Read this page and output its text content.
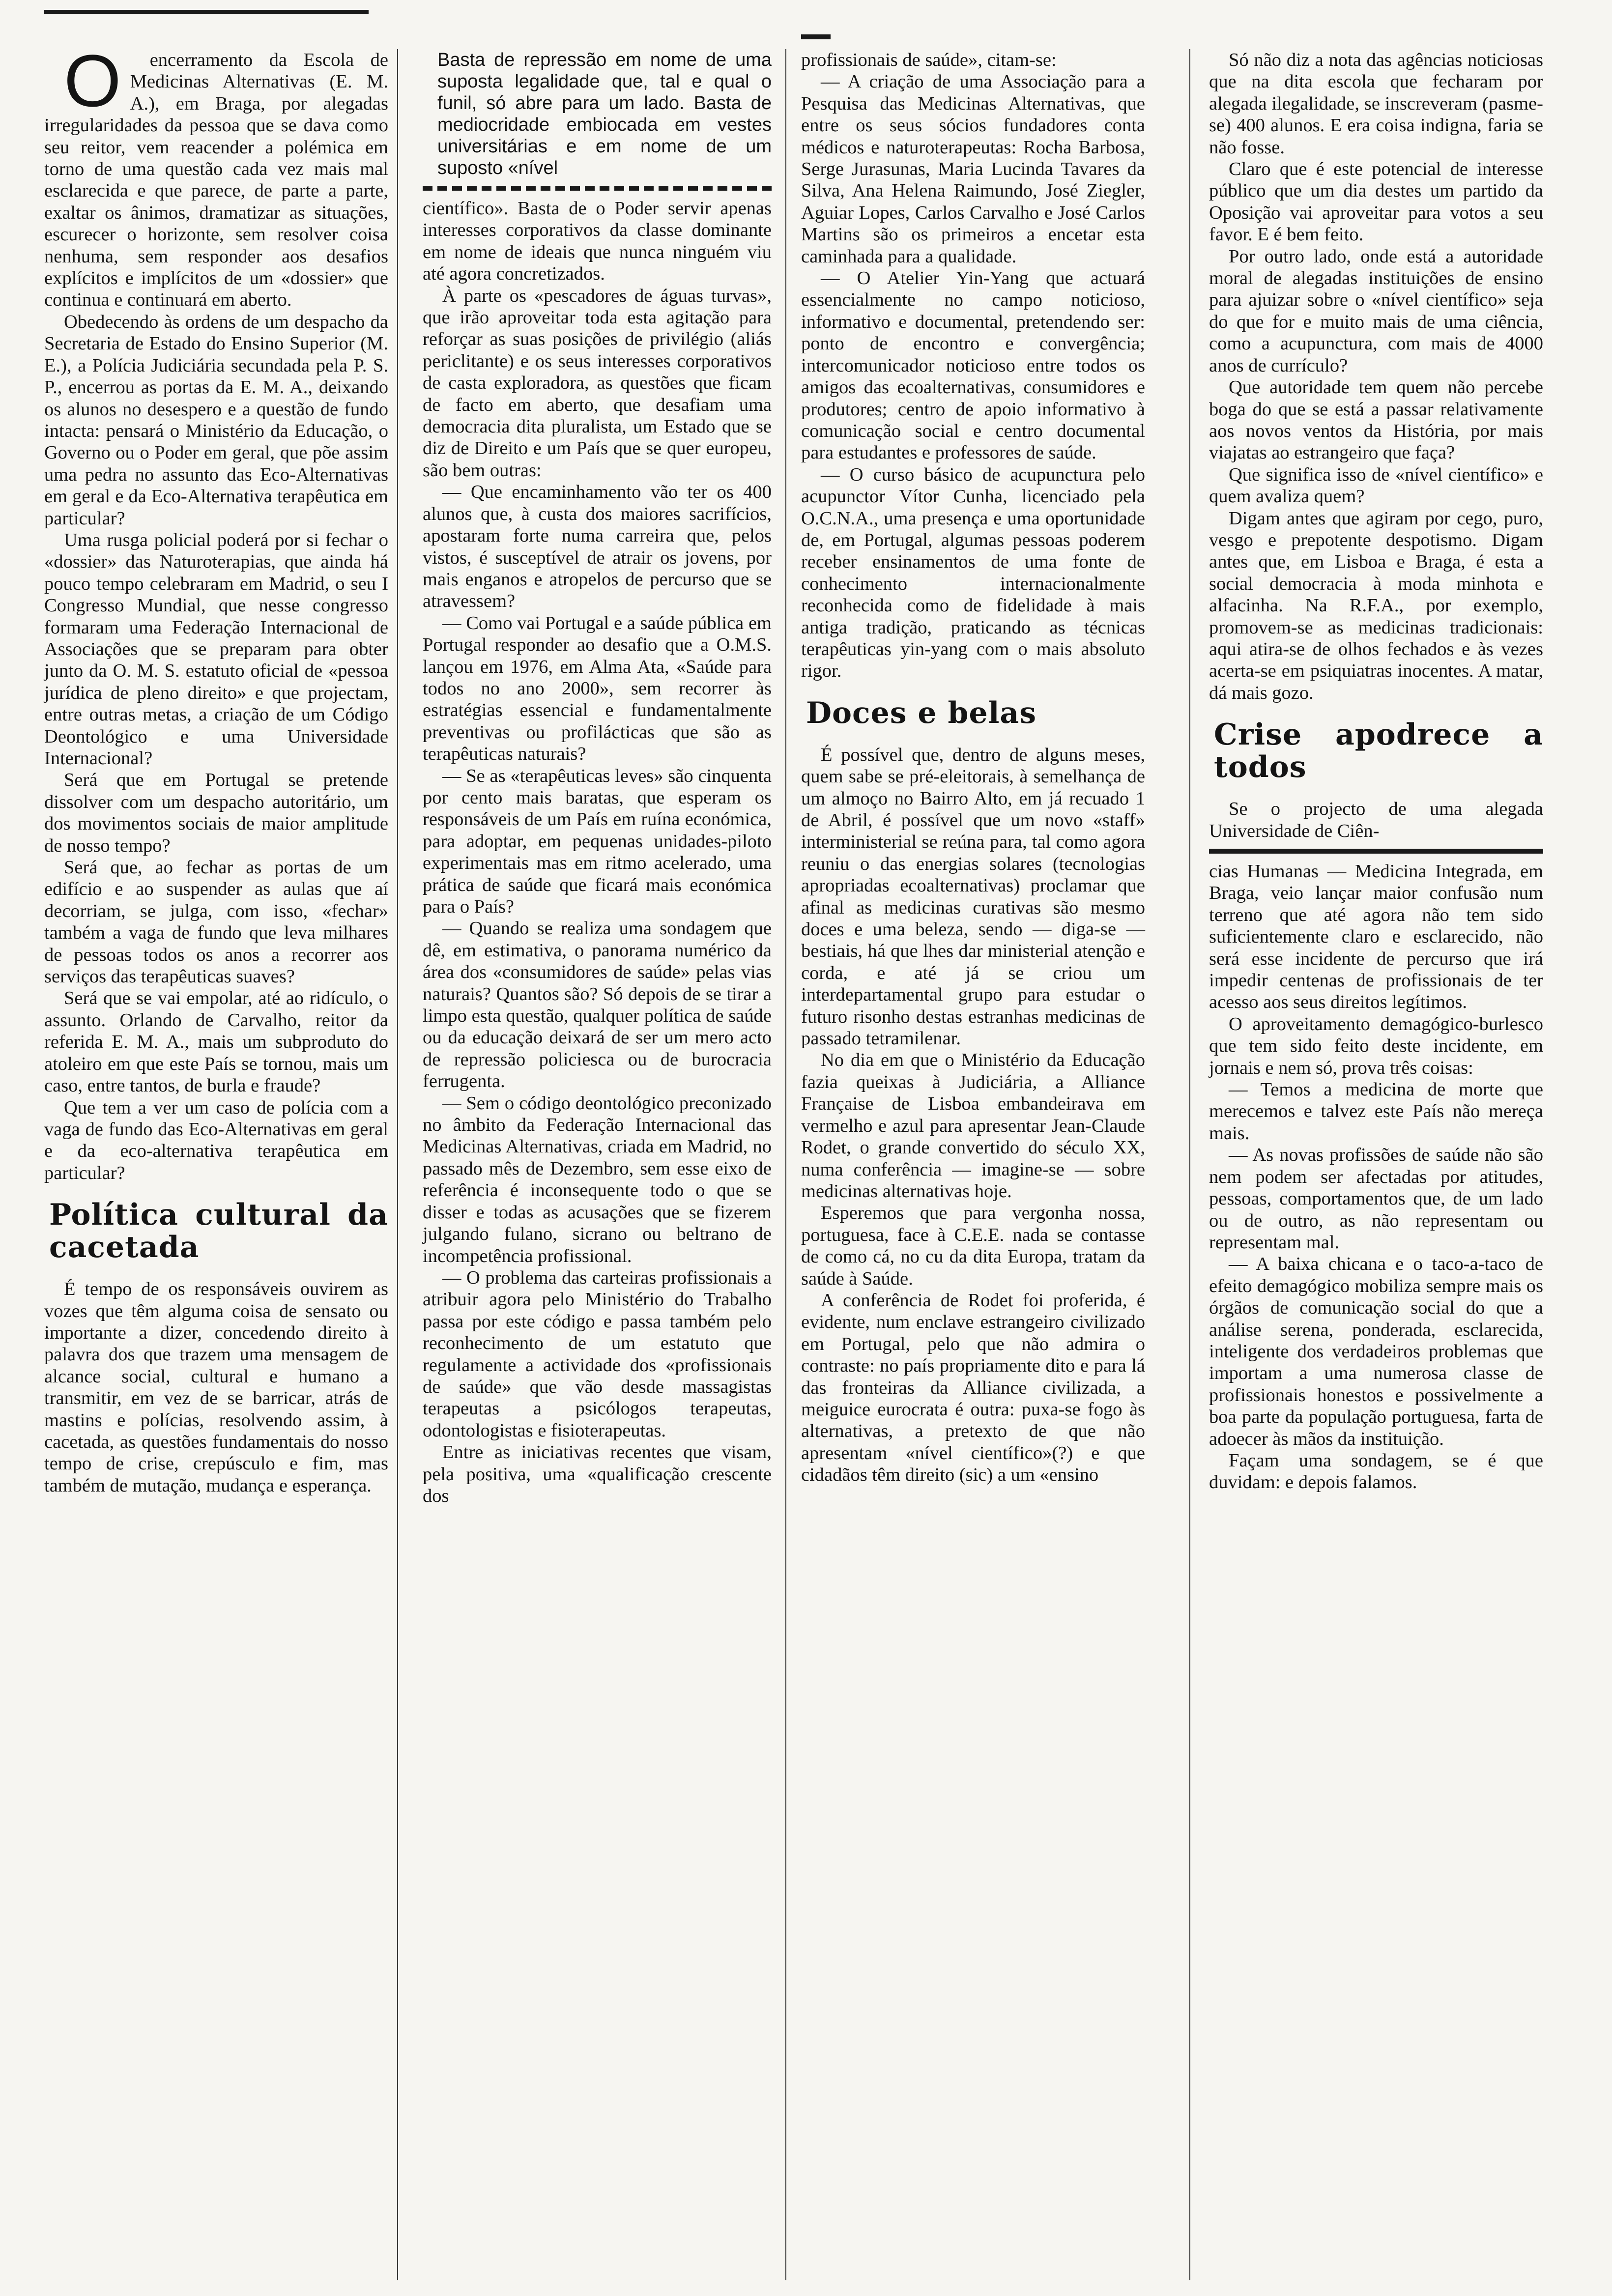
O encerramento da Escola de Medicinas Alternativas (E. M. A.), em Braga, por alegadas irregularidades da pessoa que se dava como seu reitor, vem reacender a polémica em torno de uma questão cada vez mais mal esclarecida e que parece, de parte a parte, exaltar os ânimos, dramatizar as situações, escurecer o horizonte, sem resolver coisa nenhuma, sem responder aos desafios explícitos e implícitos de um «dossier» que continua e continuará em aberto.

Obedecendo às ordens de um despacho da Secretaria de Estado do Ensino Superior (M. E.), a Polícia Judiciária secundada pela P. S. P., encerrou as portas da E. M. A., deixando os alunos no desespero e a questão de fundo intacta: pensará o Ministério da Educação, o Governo ou o Poder em geral, que põe assim uma pedra no assunto das Eco-Alternativas em geral e da Eco-Alternativa terapêutica em particular?

Uma rusga policial poderá por si fechar o «dossier» das Naturoterapias, que ainda há pouco tempo celebraram em Madrid, o seu I Congresso Mundial, que nesse congresso formaram uma Federação Internacional de Associações que se preparam para obter junto da O. M. S. estatuto oficial de «pessoa jurídica de pleno direito» e que projectam, entre outras metas, a criação de um Código Deontológico e uma Universidade Internacional?

Será que em Portugal se pretende dissolver com um despacho autoritário, um dos movimentos sociais de maior amplitude de nosso tempo?

Será que, ao fechar as portas de um edifício e ao suspender as aulas que aí decorriam, se julga, com isso, «fechar» também a vaga de fundo que leva milhares de pessoas todos os anos a recorrer aos serviços das terapêuticas suaves?

Será que se vai empolar, até ao ridículo, o assunto. Orlando de Carvalho, reitor da referida E. M. A., mais um subproduto do atoleiro em que este País se tornou, mais um caso, entre tantos, de burla e fraude?

Que tem a ver um caso de polícia com a vaga de fundo das Eco-Alternativas em geral e da eco-alternativa terapêutica em particular?

Política cultural da cacetada

É tempo de os responsáveis ouvirem as vozes que têm alguma coisa de sensato ou importante a dizer, concedendo direito à palavra dos que trazem uma mensagem de alcance social, cultural e humano a transmitir, em vez de se barricar, atrás de mastins e polícias, resolvendo assim, à cacetada, as questões fundamentais do nosso tempo de crise, crepúsculo e fim, mas também de mutação, mudança e esperança.

Basta de repressão em nome de uma suposta legalidade que, tal e qual o funil, só abre para um lado. Basta de mediocridade embiocada em vestes universitárias e em nome de um suposto «nível

científico». Basta de o Poder servir apenas interesses corporativos da classe dominante em nome de ideais que nunca ninguém viu até agora concretizados.

À parte os «pescadores de águas turvas», que irão aproveitar toda esta agitação para reforçar as suas posições de privilégio (aliás periclitante) e os seus interesses corporativos de casta exploradora, as questões que ficam de facto em aberto, que desafiam uma democracia dita pluralista, um Estado que se diz de Direito e um País que se quer europeu, são bem outras:

— Que encaminhamento vão ter os 400 alunos que, à custa dos maiores sacrifícios, apostaram forte numa carreira que, pelos vistos, é susceptível de atrair os jovens, por mais enganos e atropelos de percurso que se atravessem?

— Como vai Portugal e a saúde pública em Portugal responder ao desafio que a O.M.S. lançou em 1976, em Alma Ata, «Saúde para todos no ano 2000», sem recorrer às estratégias essencial e fundamentalmente preventivas ou profilácticas que são as terapêuticas naturais?

— Se as «terapêuticas leves» são cinquenta por cento mais baratas, que esperam os responsáveis de um País em ruína económica, para adoptar, em pequenas unidades-piloto experimentais mas em ritmo acelerado, uma prática de saúde que ficará mais económica para o País?

— Quando se realiza uma sondagem que dê, em estimativa, o panorama numérico da área dos «consumidores de saúde» pelas vias naturais? Quantos são? Só depois de se tirar a limpo esta questão, qualquer política de saúde ou da educação deixará de ser um mero acto de repressão policiesca ou de burocracia ferrugenta.

— Sem o código deontológico preconizado no âmbito da Federação Internacional das Medicinas Alternativas, criada em Madrid, no passado mês de Dezembro, sem esse eixo de referência é inconsequente todo o que se disser e todas as acusações que se fizerem julgando fulano, sicrano ou beltrano de incompetência profissional.

— O problema das carteiras profissionais a atribuir agora pelo Ministério do Trabalho passa por este código e passa também pelo reconhecimento de um estatuto que regulamente a actividade dos «profissionais de saúde» que vão desde massagistas terapeutas a psicólogos terapeutas, odontologistas e fisioterapeutas.

Entre as iniciativas recentes que visam, pela positiva, uma «qualificação crescente dos

profissionais de saúde», citam-se:

— A criação de uma Associação para a Pesquisa das Medicinas Alternativas, que entre os seus sócios fundadores conta médicos e naturoterapeutas: Rocha Barbosa, Serge Jurasunas, Maria Lucinda Tavares da Silva, Ana Helena Raimundo, José Ziegler, Aguiar Lopes, Carlos Carvalho e José Carlos Martins são os primeiros a encetar esta caminhada para a qualidade.

— O Atelier Yin-Yang que actuará essencialmente no campo noticioso, informativo e documental, pretendendo ser: ponto de encontro e convergência; intercomunicador noticioso entre todos os amigos das ecoalternativas, consumidores e produtores; centro de apoio informativo à comunicação social e centro documental para estudantes e professores de saúde.

— O curso básico de acupunctura pelo acupunctor Vítor Cunha, licenciado pela O.C.N.A., uma presença e uma oportunidade de, em Portugal, algumas pessoas poderem receber ensinamentos de uma fonte de conhecimento internacionalmente reconhecida como de fidelidade à mais antiga tradição, praticando as técnicas terapêuticas yin-yang com o mais absoluto rigor.

Doces e belas

É possível que, dentro de alguns meses, quem sabe se pré-eleitorais, à semelhança de um almoço no Bairro Alto, em já recuado 1 de Abril, é possível que um novo «staff» interministerial se reúna para, tal como agora reuniu o das energias solares (tecnologias apropriadas ecoalternativas) proclamar que afinal as medicinas curativas são mesmo doces e uma beleza, sendo — diga-se — bestiais, há que lhes dar ministerial atenção e corda, e até já se criou um interdepartamental grupo para estudar o futuro risonho destas estranhas medicinas de passado tetramilenar.

No dia em que o Ministério da Educação fazia queixas à Judiciária, a Alliance Française de Lisboa embandeirava em vermelho e azul para apresentar Jean-Claude Rodet, o grande convertido do século XX, numa conferência — imagine-se — sobre medicinas alternativas hoje.

Esperemos que para vergonha nossa, portuguesa, face à C.E.E. nada se contasse de como cá, no cu da dita Europa, tratam da saúde à Saúde.

A conferência de Rodet foi proferida, é evidente, num enclave estrangeiro civilizado em Portugal, pelo que não admira o contraste: no país propriamente dito e para lá das fronteiras da Alliance civilizada, a meiguice eurocrata é outra: puxa-se fogo às alternativas, a pretexto de que não apresentam «nível científico»(?) e que cidadãos têm direito (sic) a um «ensino

Só não diz a nota das agências noticiosas que na dita escola que fecharam por alegada ilegalidade, se inscreveram (pasme-se) 400 alunos. E era coisa indigna, faria se não fosse.

Claro que é este potencial de interesse público que um dia destes um partido da Oposição vai aproveitar para votos a seu favor. E é bem feito.

Por outro lado, onde está a autoridade moral de alegadas instituições de ensino para ajuizar sobre o «nível científico» seja do que for e muito mais de uma ciência, como a acupunctura, com mais de 4000 anos de currículo?

Que autoridade tem quem não percebe boga do que se está a passar relativamente aos novos ventos da História, por mais viajatas ao estrangeiro que faça?

Que significa isso de «nível científico» e quem avaliza quem?

Digam antes que agiram por cego, puro, vesgo e prepotente despotismo. Digam antes que, em Lisboa e Braga, é esta a social democracia à moda minhota e alfacinha. Na R.F.A., por exemplo, promovem-se as medicinas tradicionais: aqui atira-se de olhos fechados e às vezes acerta-se em psiquiatras inocentes. A matar, dá mais gozo.

Crise apodrece a todos

Se o projecto de uma alegada Universidade de Ciên-

cias Humanas — Medicina Integrada, em Braga, veio lançar maior confusão num terreno que até agora não tem sido suficientemente claro e esclarecido, não será esse incidente de percurso que irá impedir centenas de profissionais de ter acesso aos seus direitos legítimos.

O aproveitamento demagógico-burlesco que tem sido feito deste incidente, em jornais e nem só, prova três coisas:

— Temos a medicina de morte que merecemos e talvez este País não mereça mais.

— As novas profissões de saúde não são nem podem ser afectadas por atitudes, pessoas, comportamentos que, de um lado ou de outro, as não representam ou representam mal.

— A baixa chicana e o taco-a-taco de efeito demagógico mobiliza sempre mais os órgãos de comunicação social do que a análise serena, ponderada, esclarecida, inteligente dos verdadeiros problemas que importam a uma numerosa classe de profissionais honestos e possivelmente a boa parte da população portuguesa, farta de adoecer às mãos da instituição.

Façam uma sondagem, se é que duvidam: e depois falamos.
